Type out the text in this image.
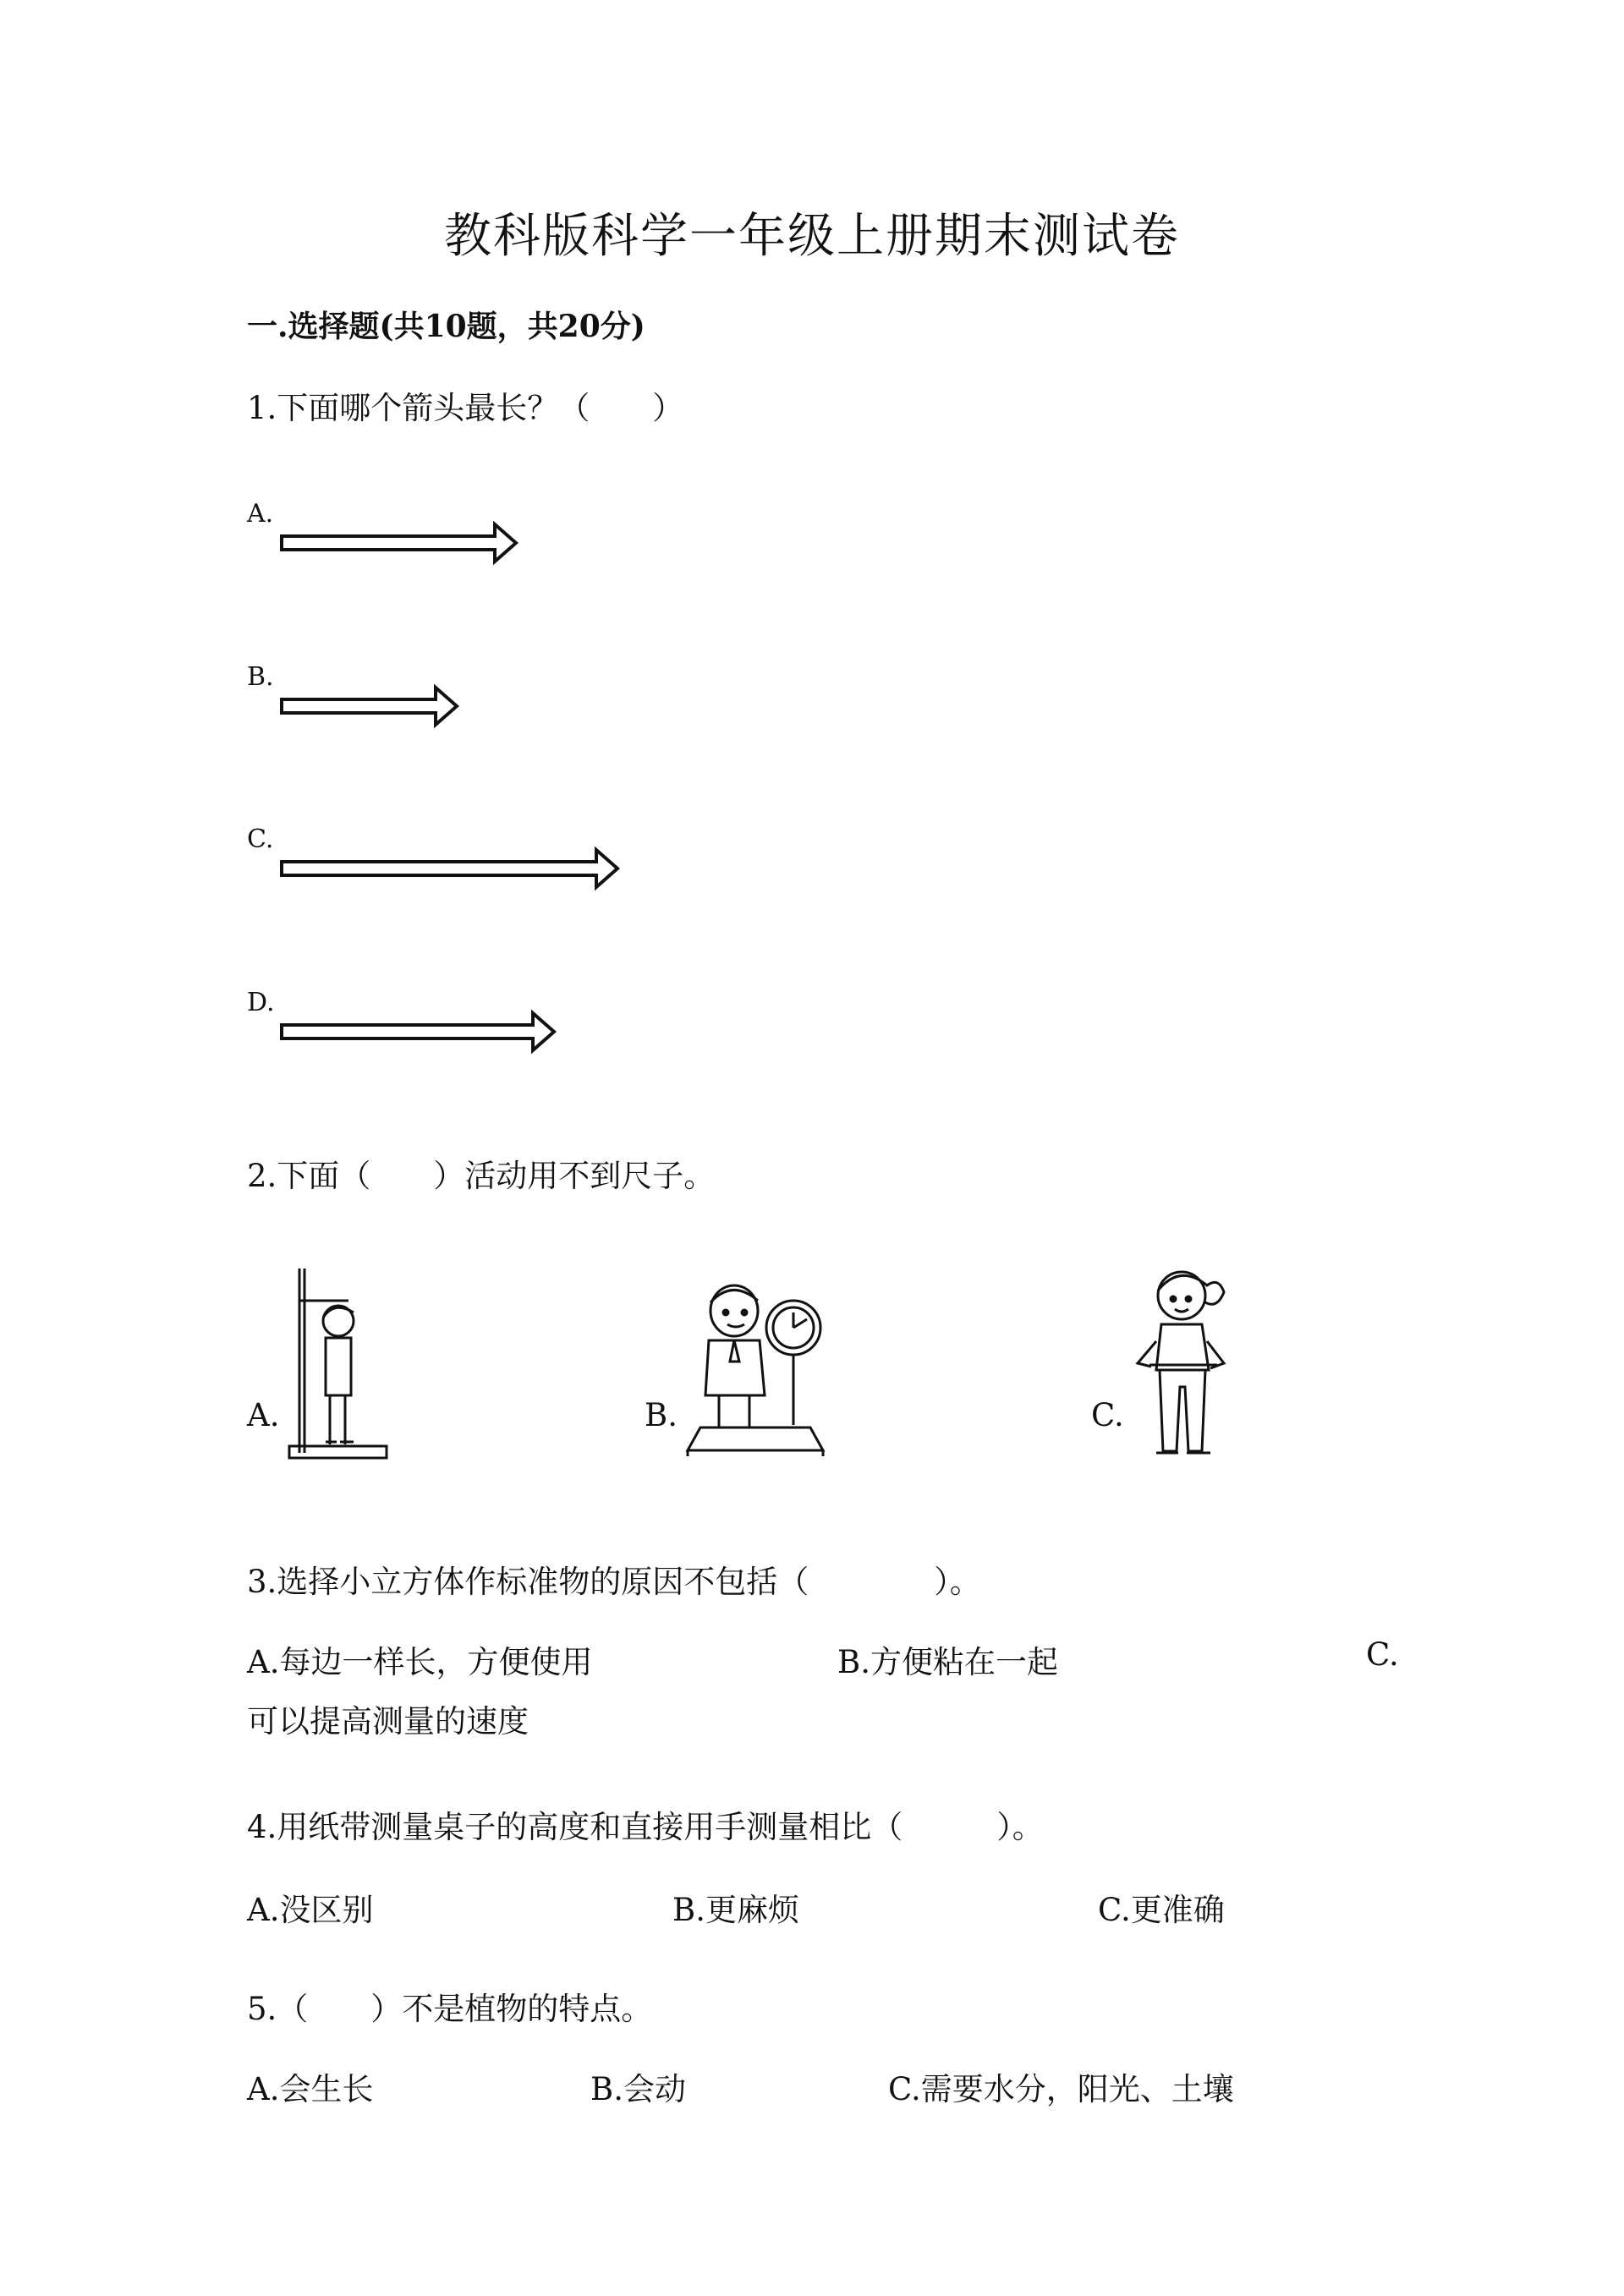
教科版科学一年级上册期末测试卷
一.选择题(共10题，共20分)
1.下面哪个箭头最长？（　　）
A.
B.
C.
D.
2.下面（　　）活动用不到尺子。
A.	B.	C.
3.选择小立方体作标准物的原因不包括（　　　　）。
A.每边一样长，方便使用	B.方便粘在一起	C.
可以提高测量的速度
4.用纸带测量桌子的高度和直接用手测量相比（　　　）。
A.没区别	B.更麻烦	C.更准确
5.（　　）不是植物的特点。
A.会生长	B.会动	C.需要水分，阳光、土壤
